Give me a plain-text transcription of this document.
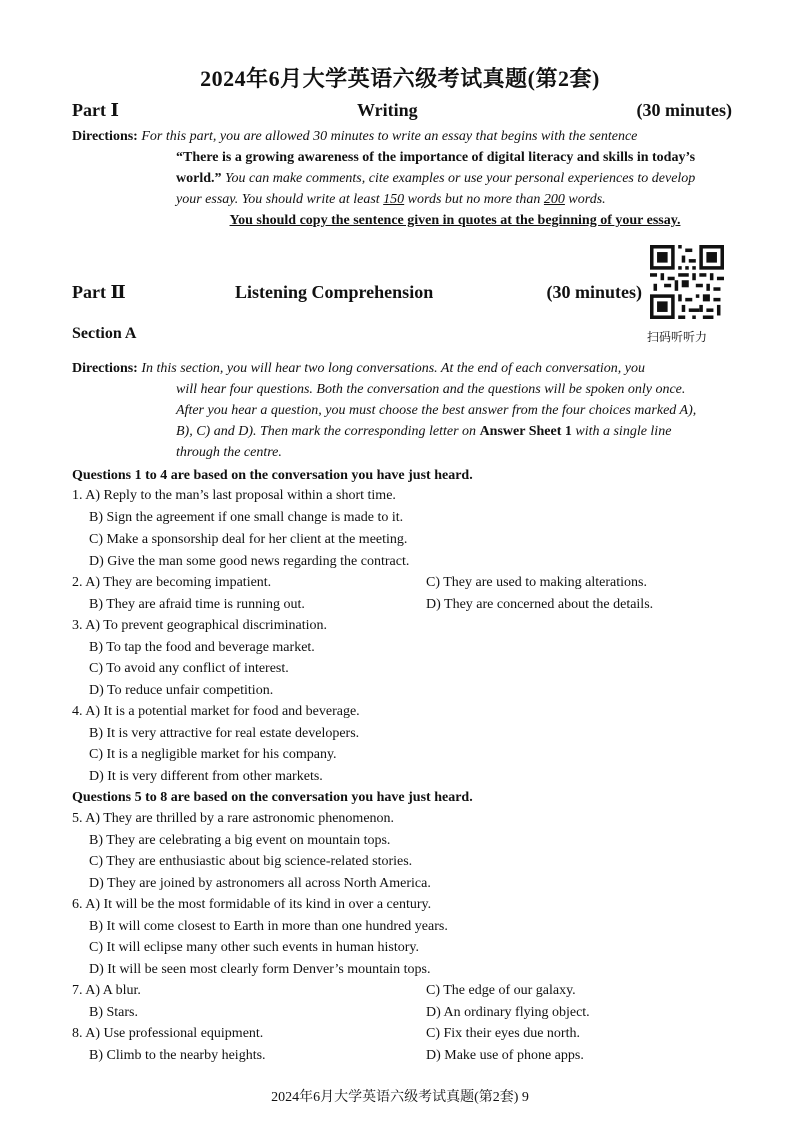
2024年6月大学英语六级考试真题(第2套)
Part Ⅰ	Writing	(30 minutes)
Directions: For this part, you are allowed 30 minutes to write an essay that begins with the sentence
“There is a growing awareness of the importance of digital literacy and skills in today’s
world.” You can make comments, cite examples or use your personal experiences to develop
your essay. You should write at least 150 words but no more than 200 words.
You should copy the sentence given in quotes at the beginning of your essay.
Part Ⅱ	Listening Comprehension	(30 minutes)
扫码听听力
Section A
Directions: In this section, you will hear two long conversations. At the end of each conversation, you
will hear four questions. Both the conversation and the questions will be spoken only once.
After you hear a question, you must choose the best answer from the four choices marked A),
B), C) and D). Then mark the corresponding letter on Answer Sheet 1 with a single line
through the centre.
Questions 1 to 4 are based on the conversation you have just heard.
1. A) Reply to the man’s last proposal within a short time.
B) Sign the agreement if one small change is made to it.
C) Make a sponsorship deal for her client at the meeting.
D) Give the man some good news regarding the contract.
2. A) They are becoming impatient.	C) They are used to making alterations.
B) They are afraid time is running out.	D) They are concerned about the details.
3. A) To prevent geographical discrimination.
B) To tap the food and beverage market.
C) To avoid any conflict of interest.
D) To reduce unfair competition.
4. A) It is a potential market for food and beverage.
B) It is very attractive for real estate developers.
C) It is a negligible market for his company.
D) It is very different from other markets.
Questions 5 to 8 are based on the conversation you have just heard.
5. A) They are thrilled by a rare astronomic phenomenon.
B) They are celebrating a big event on mountain tops.
C) They are enthusiastic about big science-related stories.
D) They are joined by astronomers all across North America.
6. A) It will be the most formidable of its kind in over a century.
B) It will come closest to Earth in more than one hundred years.
C) It will eclipse many other such events in human history.
D) It will be seen most clearly form Denver’s mountain tops.
7. A) A blur.	C) The edge of our galaxy.
B) Stars.	D) An ordinary flying object.
8. A) Use professional equipment.	C) Fix their eyes due north.
B) Climb to the nearby heights.	D) Make use of phone apps.
2024年6月大学英语六级考试真题(第2套) 9
